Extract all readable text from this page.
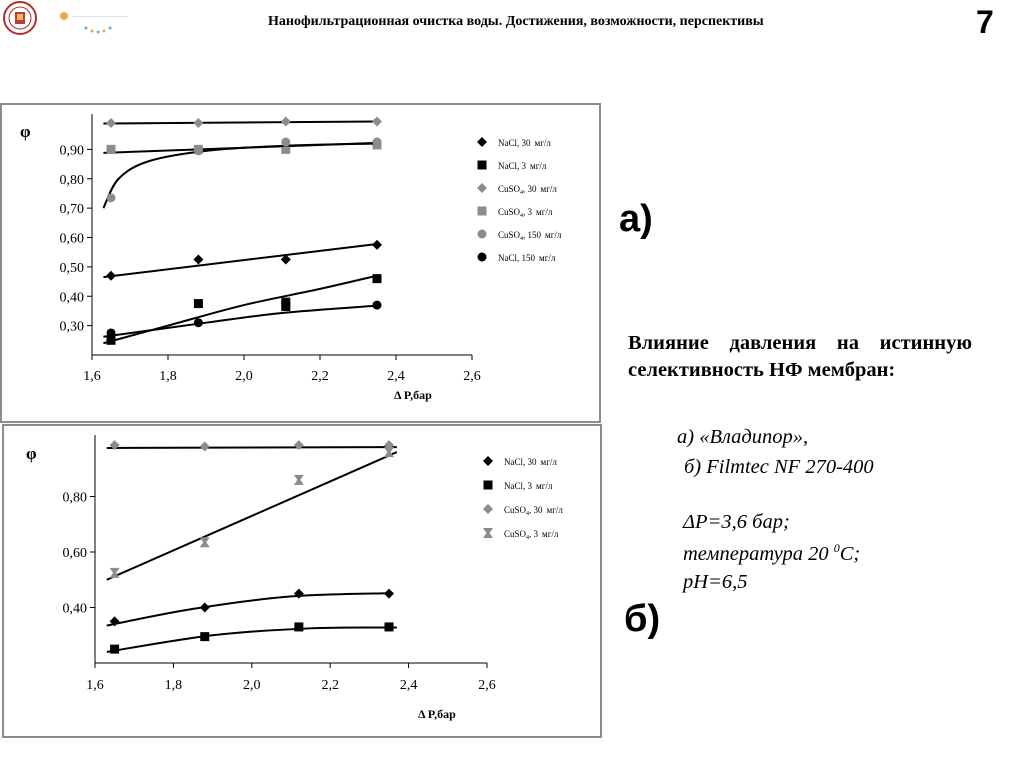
~~~~~~~~~~~~~~~~~~~~~~~~	Нанофильтрационная очистка воды. Достижения, возможности, перспективы	7
1,6	1,8	2,0	2,2	2,4	2,6
0,30
0,40
0,50
0,60
0,70
0,80
0,90
φ
Δ P,бар
NaCl, 30 мг/л
NaCl, 3 мг/л
CuSO$_4$, 30 мг/л
CuSO$_4$, 3 мг/л
CuSO$_4$, 150 мг/л
NaCl, 150 мг/л
1,6	1,8	2,0	2,2	2,4	2,6
0,40
0,60
0,80
φ
Δ P,бар
NaCl, 30 мг/л
NaCl, 3 мг/л
CuSO$_4$, 30 мг/л
CuSO$_4$, 3 мг/л
а)
б)
Влияние давления на истинную селективность НФ мембран:
а) «Владипор»,
б) Filmtec NF 270-400
ΔP=3,6 бар;
температура 20 $^0$С;
pH=6,5
